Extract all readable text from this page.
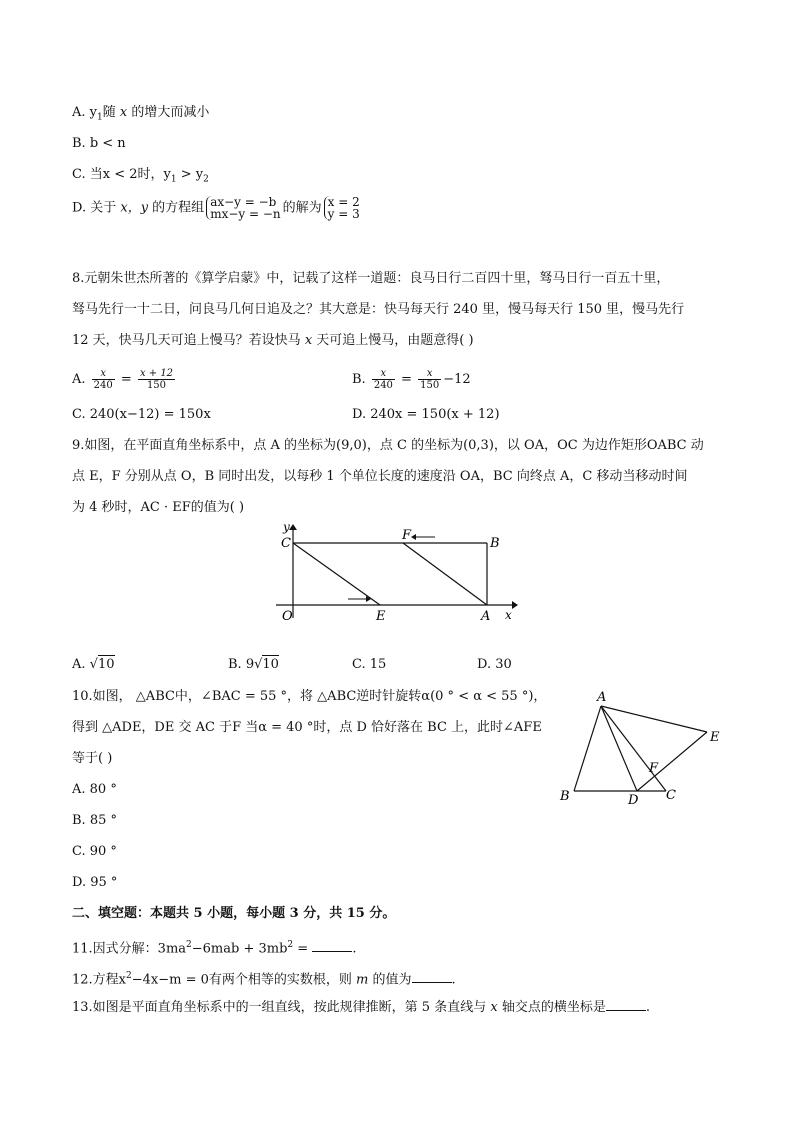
A. $y_1$随 x 的增大而减小
B. b < n
C. 当x < 2时，$y_1 > y_2$
D. 关于 x，y 的方程组 ax−y = −b
mx−y = −n 的解为 x = 2
y = 3
8.元朝朱世杰所著的《算学启蒙》中，记载了这样一道题：良马日行二百四十里，驽马日行一百五十里，
驽马先行一十二日，问良马几何日追及之？其大意是：快马每天行 240 里，慢马每天行 150 里，慢马先行
12 天，快马几天可追上慢马？若设快马 x 天可追上慢马，由题意得( )
A. $\frac{x}{240} = \frac{x + 12}{150}$	B. $\frac{x}{240} = \frac{x}{150} -12$
C. 240(x−12) = 150x	D. 240x = 150(x + 12)
9.如图，在平面直角坐标系中，点 A 的坐标为(9,0)，点 C 的坐标为(0,3)，以 OA，OC 为边作矩形OABC 动
点 E，F 分别从点 O，B 同时出发，以每秒 1 个单位长度的速度沿 OA，BC 向终点 A，C 移动当移动时间
为 4 秒时，AC · EF的值为( )
y
C
F
B
O	E	A x
A. √10	B. 9√10	C. 15	D. 30
10.如图， △ABC中，∠BAC = 55 °，将 △ABC逆时针旋转α(0 ° < α < 55 °)，
得到 △ADE，DE 交 AC 于F 当α = 40 °时，点 D 恰好落在 BC 上，此时∠AFE
等于( )
A
E
F
B	D C
A. 80 °
B. 85 °
C. 90 °
D. 95 °
二、填空题：本题共 5 小题，每小题 3 分，共 15 分。
11.因式分解：$3ma^2-6mab + 3mb^2$ =	.
12.方程$x^2-4x-m = 0$有两个相等的实数根，则 m 的值为	.
13.如图是平面直角坐标系中的一组直线，按此规律推断，第 5 条直线与 x 轴交点的横坐标是	.
